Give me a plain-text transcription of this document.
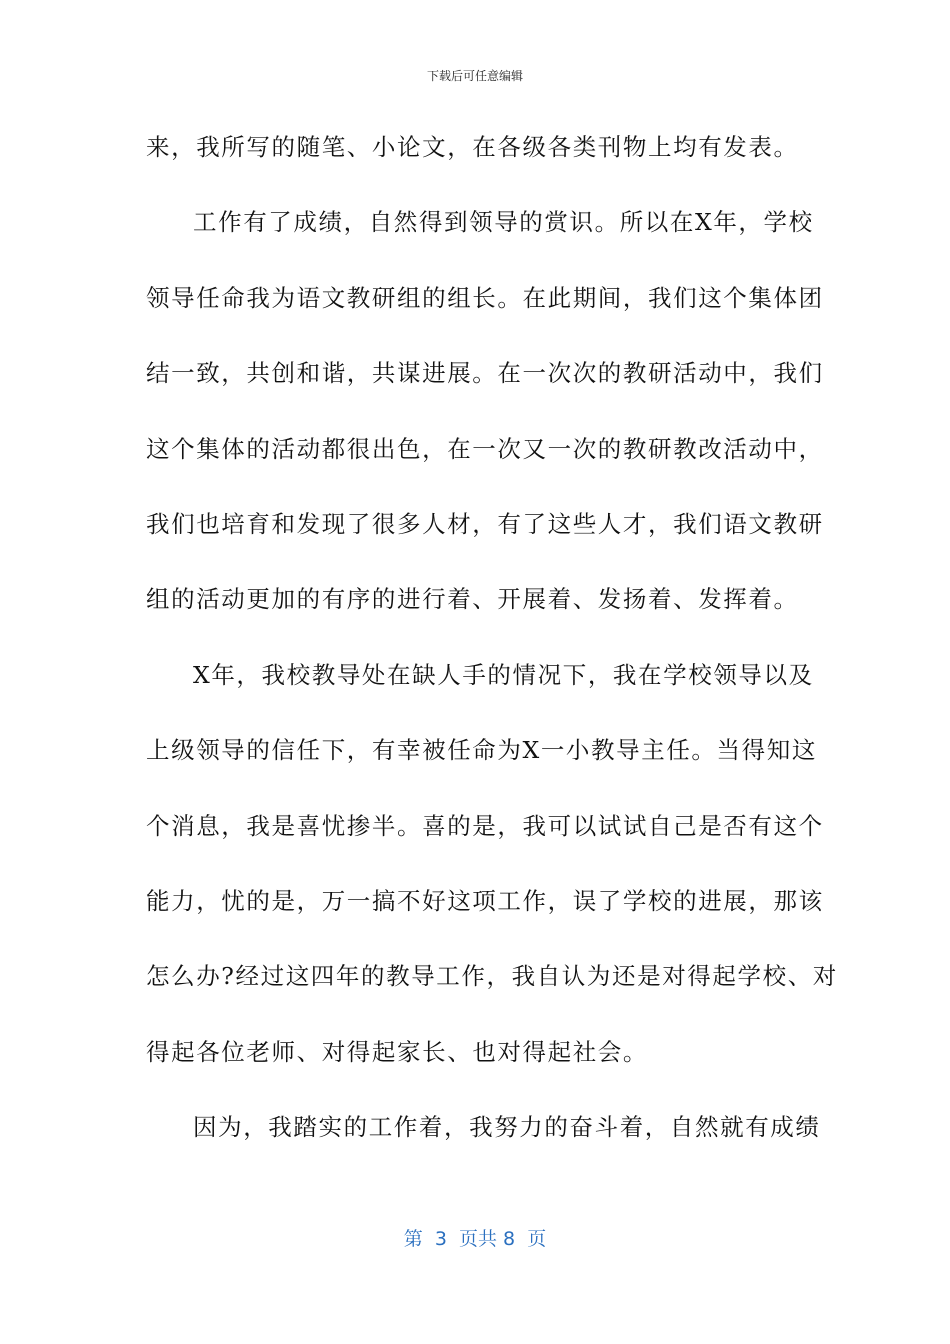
下载后可任意编辑
来，我所写的随笔、小论文，在各级各类刊物上均有发表。
工作有了成绩，自然得到领导的赏识。所以在X年，学校
领导任命我为语文教研组的组长。在此期间，我们这个集体团
结一致，共创和谐，共谋进展。在一次次的教研活动中，我们
这个集体的活动都很出色，在一次又一次的教研教改活动中，
我们也培育和发现了很多人材，有了这些人才，我们语文教研
组的活动更加的有序的进行着、开展着、发扬着、发挥着。
X年，我校教导处在缺人手的情况下，我在学校领导以及
上级领导的信任下，有幸被任命为X一小教导主任。当得知这
个消息，我是喜忧掺半。喜的是，我可以试试自己是否有这个
能力，忧的是，万一搞不好这项工作，误了学校的进展，那该
怎么办?经过这四年的教导工作，我自认为还是对得起学校、对
得起各位老师、对得起家长、也对得起社会。
因为，我踏实的工作着，我努力的奋斗着，自然就有成绩
第  3  页共 8  页
